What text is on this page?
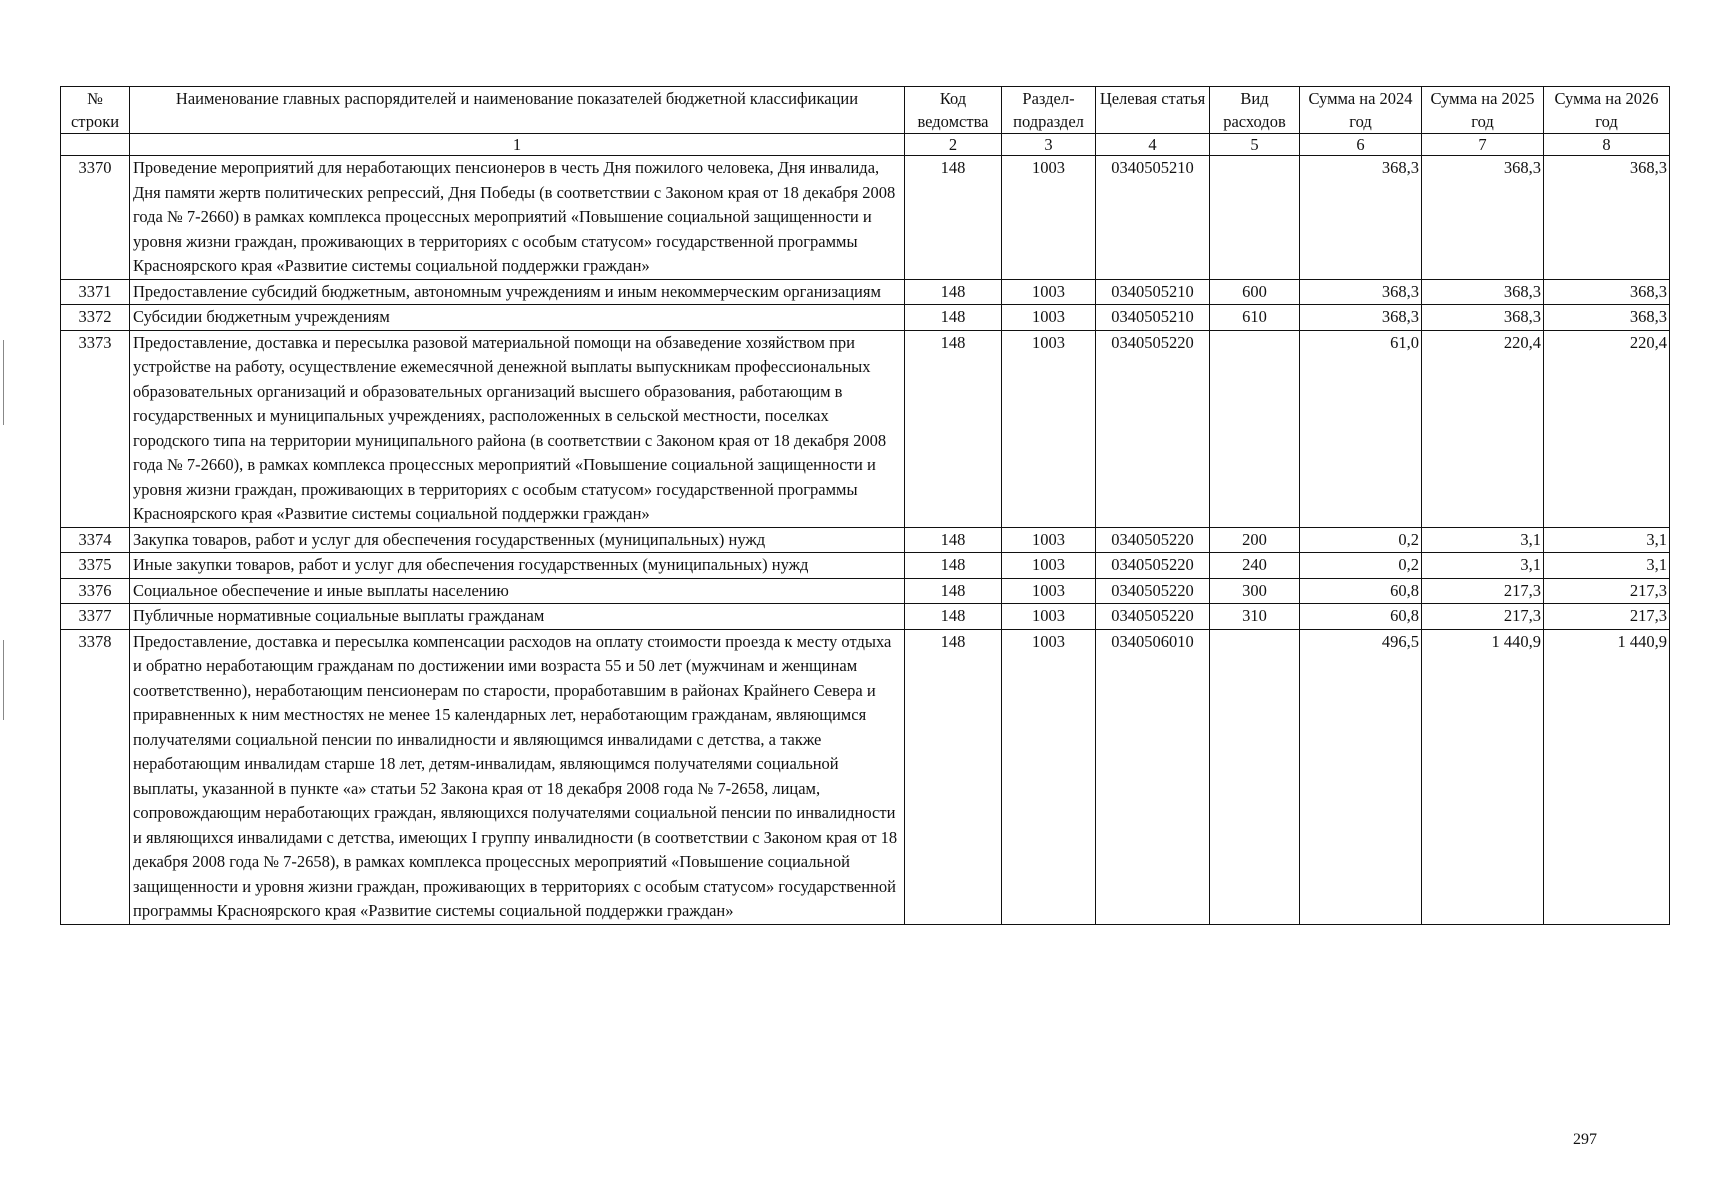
№ строки	Наименование главных распорядителей и наименование показателей бюджетной классификации	Код ведомства	Раздел-подраздел	Целевая статья	Вид расходов	Сумма на 2024 год	Сумма на 2025 год	Сумма на 2026 год
	1	2	3	4	5	6	7	8
3370	Проведение мероприятий для неработающих пенсионеров в честь Дня пожилого человека, Дня инвалида, Дня памяти жертв политических репрессий, Дня Победы (в соответствии с Законом края от 18 декабря 2008 года № 7-2660) в рамках комплекса процессных мероприятий «Повышение социальной защищенности и уровня жизни граждан, проживающих в территориях с особым статусом» государственной программы Красноярского края «Развитие системы социальной поддержки граждан»	148	1003	0340505210		368,3	368,3	368,3
3371	Предоставление субсидий бюджетным, автономным учреждениям и иным некоммерческим организациям	148	1003	0340505210	600	368,3	368,3	368,3
3372	Субсидии бюджетным учреждениям	148	1003	0340505210	610	368,3	368,3	368,3
3373	Предоставление, доставка и пересылка разовой материальной помощи на обзаведение хозяйством при устройстве на работу, осуществление ежемесячной денежной выплаты выпускникам профессиональных образовательных организаций и образовательных организаций высшего образования, работающим в государственных и муниципальных учреждениях, расположенных в сельской местности, поселках городского типа на территории муниципального района (в соответствии с Законом края от 18 декабря 2008 года № 7-2660), в рамках комплекса процессных мероприятий «Повышение социальной защищенности и уровня жизни граждан, проживающих в территориях с особым статусом» государственной программы Красноярского края «Развитие системы социальной поддержки граждан»	148	1003	0340505220		61,0	220,4	220,4
3374	Закупка товаров, работ и услуг для обеспечения государственных (муниципальных) нужд	148	1003	0340505220	200	0,2	3,1	3,1
3375	Иные закупки товаров, работ и услуг для обеспечения государственных (муниципальных) нужд	148	1003	0340505220	240	0,2	3,1	3,1
3376	Социальное обеспечение и иные выплаты населению	148	1003	0340505220	300	60,8	217,3	217,3
3377	Публичные нормативные социальные выплаты гражданам	148	1003	0340505220	310	60,8	217,3	217,3
3378	Предоставление, доставка и пересылка компенсации расходов на оплату стоимости проезда к месту отдыха и обратно неработающим гражданам по достижении ими возраста 55 и 50 лет (мужчинам и женщинам соответственно), неработающим пенсионерам по старости, проработавшим в районах Крайнего Севера и приравненных к ним местностях не менее 15 календарных лет, неработающим гражданам, являющимся получателями социальной пенсии по инвалидности и являющимся инвалидами с детства, а также неработающим инвалидам старше 18 лет, детям-инвалидам, являющимся получателями социальной выплаты, указанной в пункте «а» статьи 52 Закона края от 18 декабря 2008 года № 7-2658, лицам, сопровождающим неработающих граждан, являющихся получателями социальной пенсии по инвалидности и являющихся инвалидами с детства, имеющих I группу инвалидности (в соответствии с Законом края от 18 декабря 2008 года № 7-2658), в рамках комплекса процессных мероприятий «Повышение социальной защищенности и уровня жизни граждан, проживающих в территориях с особым статусом» государственной программы Красноярского края «Развитие системы социальной поддержки граждан»	148	1003	0340506010		496,5	1 440,9	1 440,9
297
